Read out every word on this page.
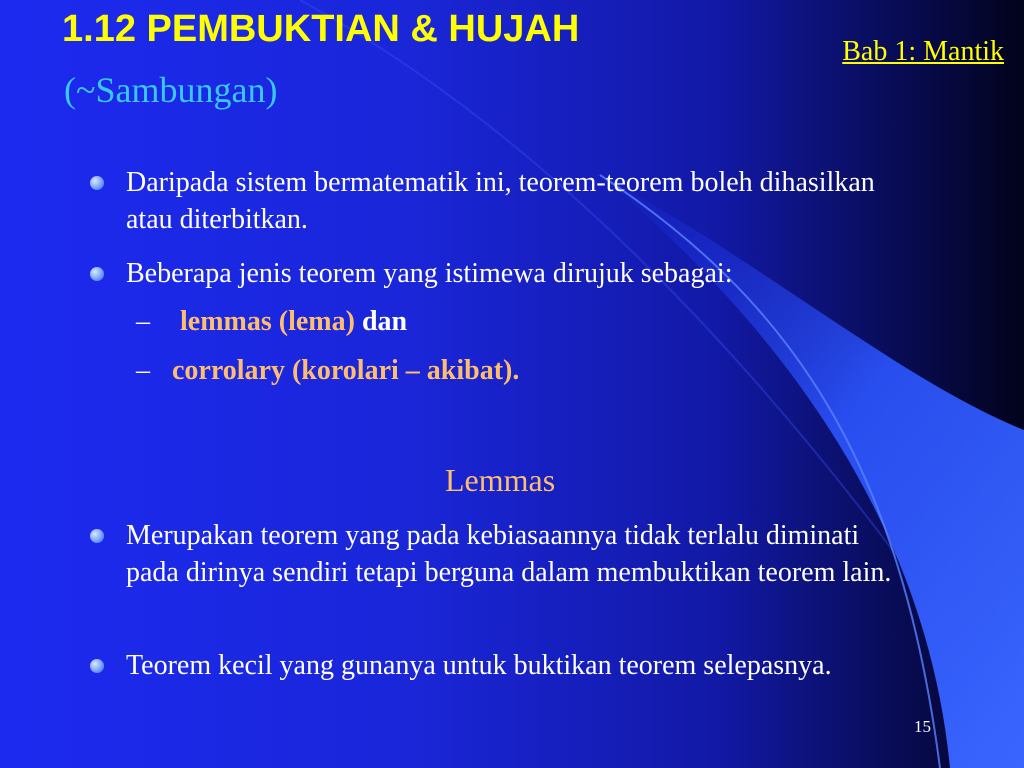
1.12 PEMBUKTIAN & HUJAH
(~Sambungan)
Bab 1: Mantik
Daripada sistem bermatematik ini, teorem-teorem boleh dihasilkan atau diterbitkan.
Beberapa jenis teorem yang istimewa dirujuk sebagai:
– lemmas (lema) dan
– corrolary (korolari – akibat).
Lemmas
Merupakan teorem yang pada kebiasaannya tidak terlalu diminati pada dirinya sendiri tetapi berguna dalam membuktikan teorem lain.
Teorem kecil yang gunanya untuk buktikan teorem selepasnya.
15
